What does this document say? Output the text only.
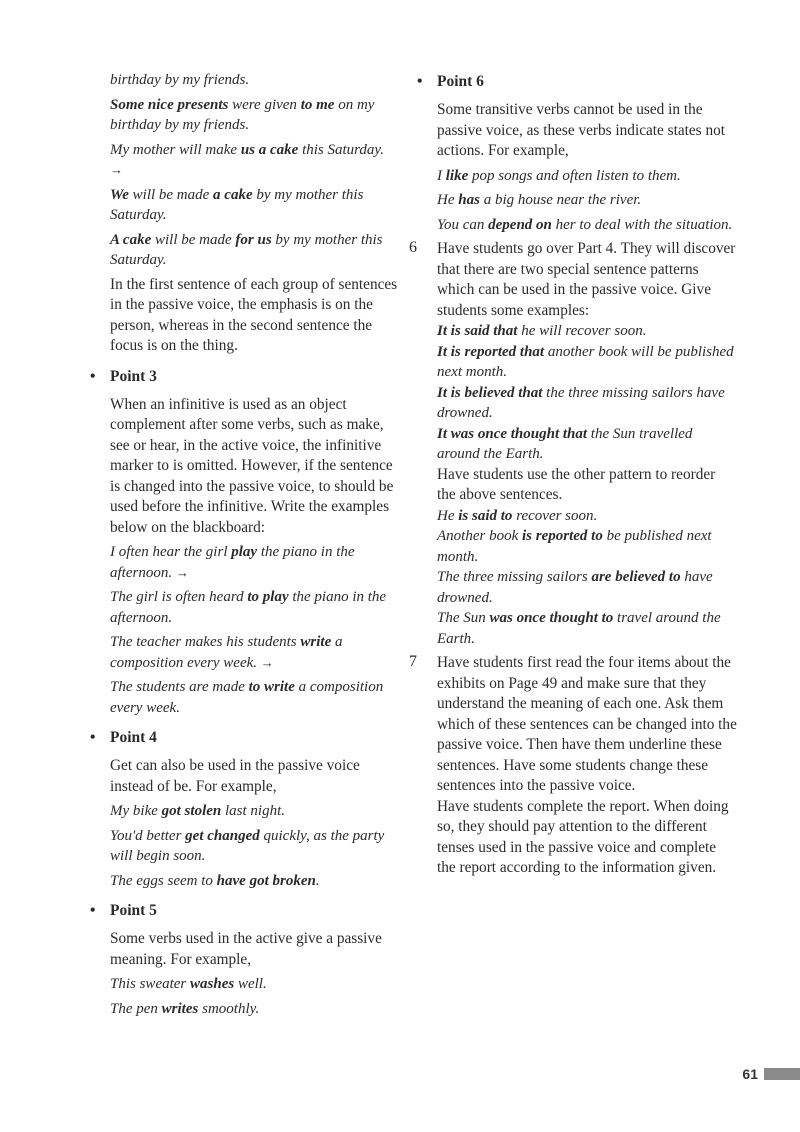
birthday by my friends.

Some nice presents were given to me on my birthday by my friends.

My mother will make us a cake this Saturday. →

We will be made a cake by my mother this Saturday.

A cake will be made for us by my mother this Saturday.

In the first sentence of each group of sentences in the passive voice, the emphasis is on the person, whereas in the second sentence the focus is on the thing.

• Point 3

When an infinitive is used as an object complement after some verbs, such as make, see or hear, in the active voice, the infinitive marker to is omitted. However, if the sentence is changed into the passive voice, to should be used before the infinitive. Write the examples below on the blackboard:

I often hear the girl play the piano in the afternoon. →

The girl is often heard to play the piano in the afternoon.

The teacher makes his students write a composition every week. →

The students are made to write a composition every week.

• Point 4

Get can also be used in the passive voice instead of be. For example,

My bike got stolen last night.

You'd better get changed quickly, as the party will begin soon.

The eggs seem to have got broken.

• Point 5

Some verbs used in the active give a passive meaning. For example,

This sweater washes well.

The pen writes smoothly.

• Point 6

Some transitive verbs cannot be used in the passive voice, as these verbs indicate states not actions. For example,

I like pop songs and often listen to them.

He has a big house near the river.

You can depend on her to deal with the situation.

6 Have students go over Part 4. They will discover that there are two special sentence patterns which can be used in the passive voice. Give students some examples:

It is said that he will recover soon.

It is reported that another book will be published next month.

It is believed that the three missing sailors have drowned.

It was once thought that the Sun travelled around the Earth.

Have students use the other pattern to reorder the above sentences.

He is said to recover soon.

Another book is reported to be published next month.

The three missing sailors are believed to have drowned.

The Sun was once thought to travel around the Earth.

7 Have students first read the four items about the exhibits on Page 49 and make sure that they understand the meaning of each one. Ask them which of these sentences can be changed into the passive voice. Then have them underline these sentences. Have some students change these sentences into the passive voice.

Have students complete the report. When doing so, they should pay attention to the different tenses used in the passive voice and complete the report according to the information given.

61
